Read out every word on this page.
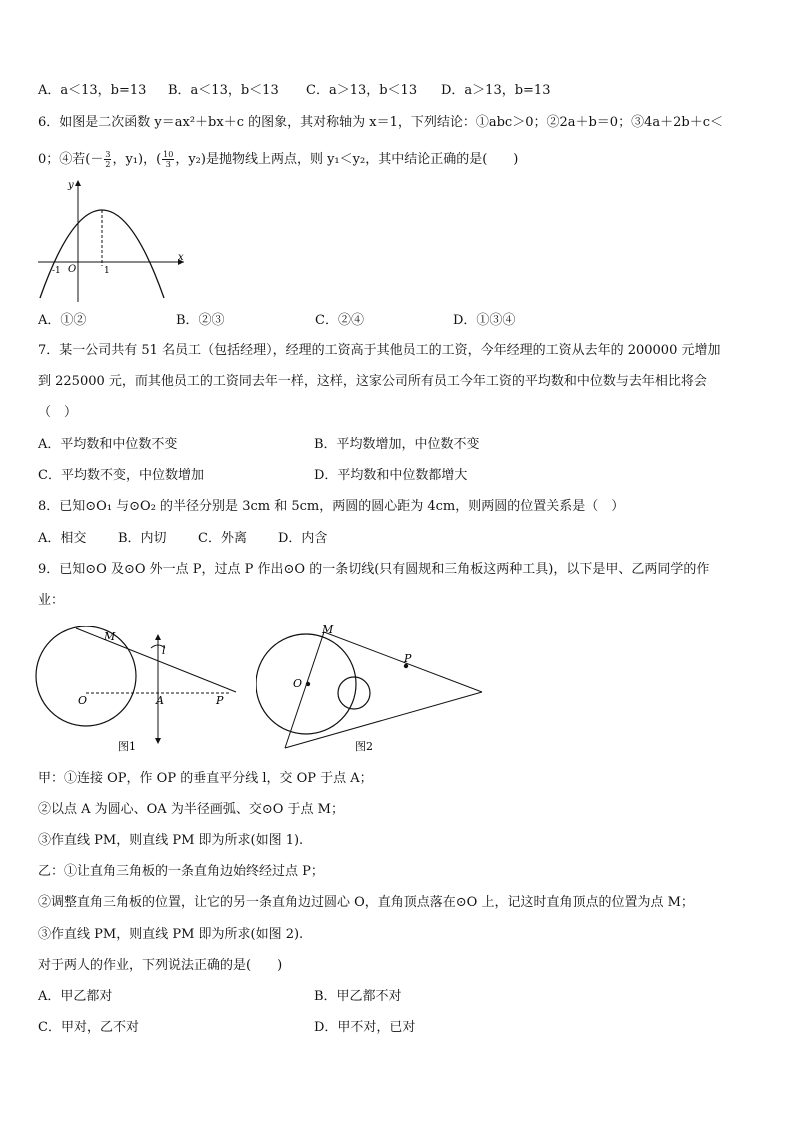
A．a＜13，b=13 B．a＜13，b＜13 C．a＞13，b＜13 D．a＞13，b=13
6．如图是二次函数 y＝ax²＋bx＋c 的图象，其对称轴为 x＝1，下列结论：①abc＞0；②2a＋b＝0；③4a＋2b＋c＜
0；④若(－ $\frac{3}{2}$ ，y₁)，( $\frac{10}{3}$ ，y₂)是抛物线上两点，则 y₁＜y₂，其中结论正确的是(　　)
x
y
O
-1	1
A．①②	B．②③	C．②④	D．①③④
7．某一公司共有 51 名员工（包括经理），经理的工资高于其他员工的工资，今年经理的工资从去年的 200000 元增加
到 225000 元，而其他员工的工资同去年一样，这样，这家公司所有员工今年工资的平均数和中位数与去年相比将会
（　）
A．平均数和中位数不变	B．平均数增加，中位数不变
C．平均数不变，中位数增加	D．平均数和中位数都增大
8．已知⊙O₁ 与⊙O₂ 的半径分别是 3cm 和 5cm，两圆的圆心距为 4cm，则两圆的位置关系是（　）
A．相交 B．内切 C．外离 D．内含
9．已知⊙O 及⊙O 外一点 P，过点 P 作出⊙O 的一条切线(只有圆规和三角板这两种工具)，以下是甲、乙两同学的作
业：
M
l
O	A	P
图1
M
P
O
图2
甲：①连接 OP，作 OP 的垂直平分线 l，交 OP 于点 A；
②以点 A 为圆心、OA 为半径画弧、交⊙O 于点 M；
③作直线 PM，则直线 PM 即为所求(如图 1).
乙：①让直角三角板的一条直角边始终经过点 P；
②调整直角三角板的位置，让它的另一条直角边过圆心 O，直角顶点落在⊙O 上，记这时直角顶点的位置为点 M；
③作直线 PM，则直线 PM 即为所求(如图 2).
对于两人的作业，下列说法正确的是(　　)
A．甲乙都对	B．甲乙都不对
C．甲对，乙不对	D．甲不对，已对
